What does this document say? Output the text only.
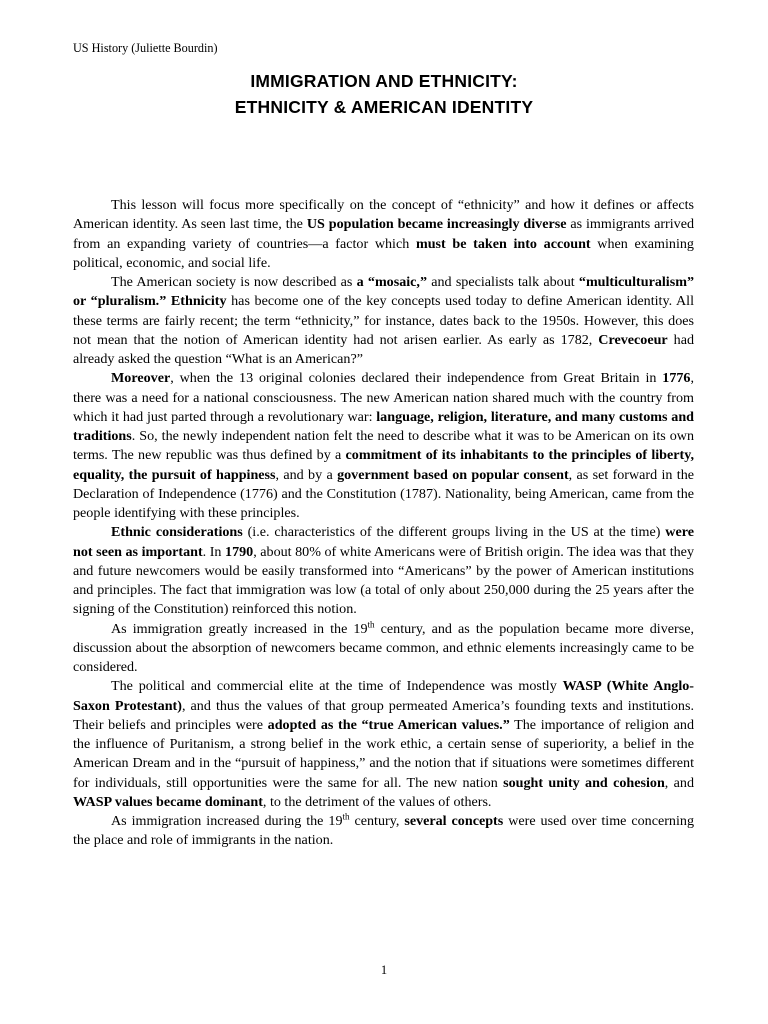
US History (Juliette Bourdin)
IMMIGRATION AND ETHNICITY:
ETHNICITY & AMERICAN IDENTITY

This lesson will focus more specifically on the concept of “ethnicity” and how it defines or affects American identity. As seen last time, the US population became increasingly diverse as immigrants arrived from an expanding variety of countries—a factor which must be taken into account when examining political, economic, and social life.

The American society is now described as a “mosaic,” and specialists talk about “multiculturalism” or “pluralism.” Ethnicity has become one of the key concepts used today to define American identity. All these terms are fairly recent; the term “ethnicity,” for instance, dates back to the 1950s. However, this does not mean that the notion of American identity had not arisen earlier. As early as 1782, Crevecoeur had already asked the question “What is an American?”

Moreover, when the 13 original colonies declared their independence from Great Britain in 1776, there was a need for a national consciousness. The new American nation shared much with the country from which it had just parted through a revolutionary war: language, religion, literature, and many customs and traditions. So, the newly independent nation felt the need to describe what it was to be American on its own terms. The new republic was thus defined by a commitment of its inhabitants to the principles of liberty, equality, the pursuit of happiness, and by a government based on popular consent, as set forward in the Declaration of Independence (1776) and the Constitution (1787). Nationality, being American, came from the people identifying with these principles.

Ethnic considerations (i.e. characteristics of the different groups living in the US at the time) were not seen as important. In 1790, about 80% of white Americans were of British origin. The idea was that they and future newcomers would be easily transformed into “Americans” by the power of American institutions and principles. The fact that immigration was low (a total of only about 250,000 during the 25 years after the signing of the Constitution) reinforced this notion.

As immigration greatly increased in the 19th century, and as the population became more diverse, discussion about the absorption of newcomers became common, and ethnic elements increasingly came to be considered.

The political and commercial elite at the time of Independence was mostly WASP (White Anglo-Saxon Protestant), and thus the values of that group permeated America’s founding texts and institutions. Their beliefs and principles were adopted as the “true American values.” The importance of religion and the influence of Puritanism, a strong belief in the work ethic, a certain sense of superiority, a belief in the American Dream and in the “pursuit of happiness,” and the notion that if situations were sometimes different for individuals, still opportunities were the same for all. The new nation sought unity and cohesion, and WASP values became dominant, to the detriment of the values of others.

As immigration increased during the 19th century, several concepts were used over time concerning the place and role of immigrants in the nation.

1
